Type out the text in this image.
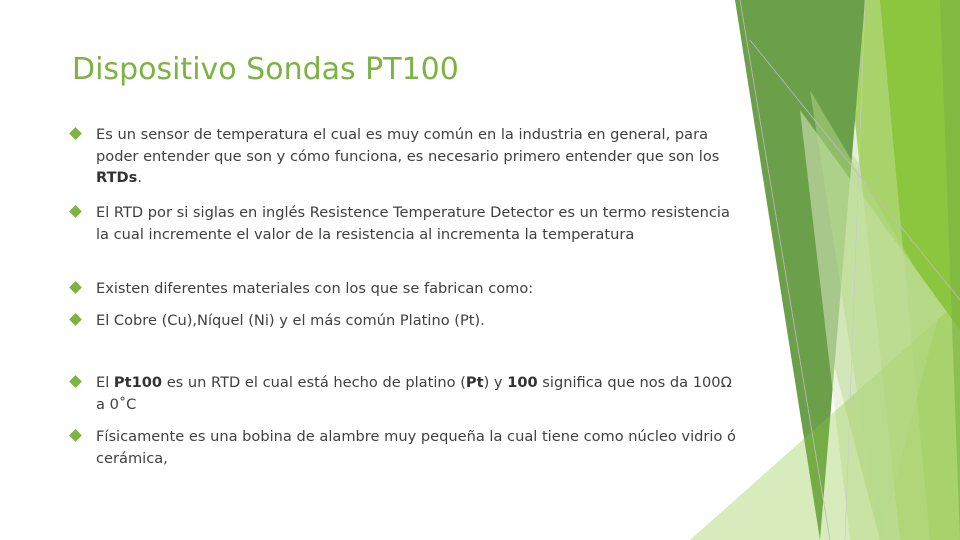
Dispositivo Sondas PT100
Es un sensor de temperatura el cual es muy común en la industria en general, para poder entender que son y cómo funciona, es necesario primero entender que son los RTDs.
El RTD por si siglas en inglés Resistence Temperature Detector es un termo resistencia la cual incremente el valor de la resistencia al incrementa la temperatura
Existen diferentes materiales con los que se fabrican como:
El Cobre (Cu),Níquel (Ni) y el más común Platino (Pt).
El Pt100 es un RTD el cual está hecho de platino (Pt) y 100 significa que nos da 100Ω a 0˚C
Físicamente es una bobina de alambre muy pequeña la cual tiene como núcleo vidrio ó cerámica,
